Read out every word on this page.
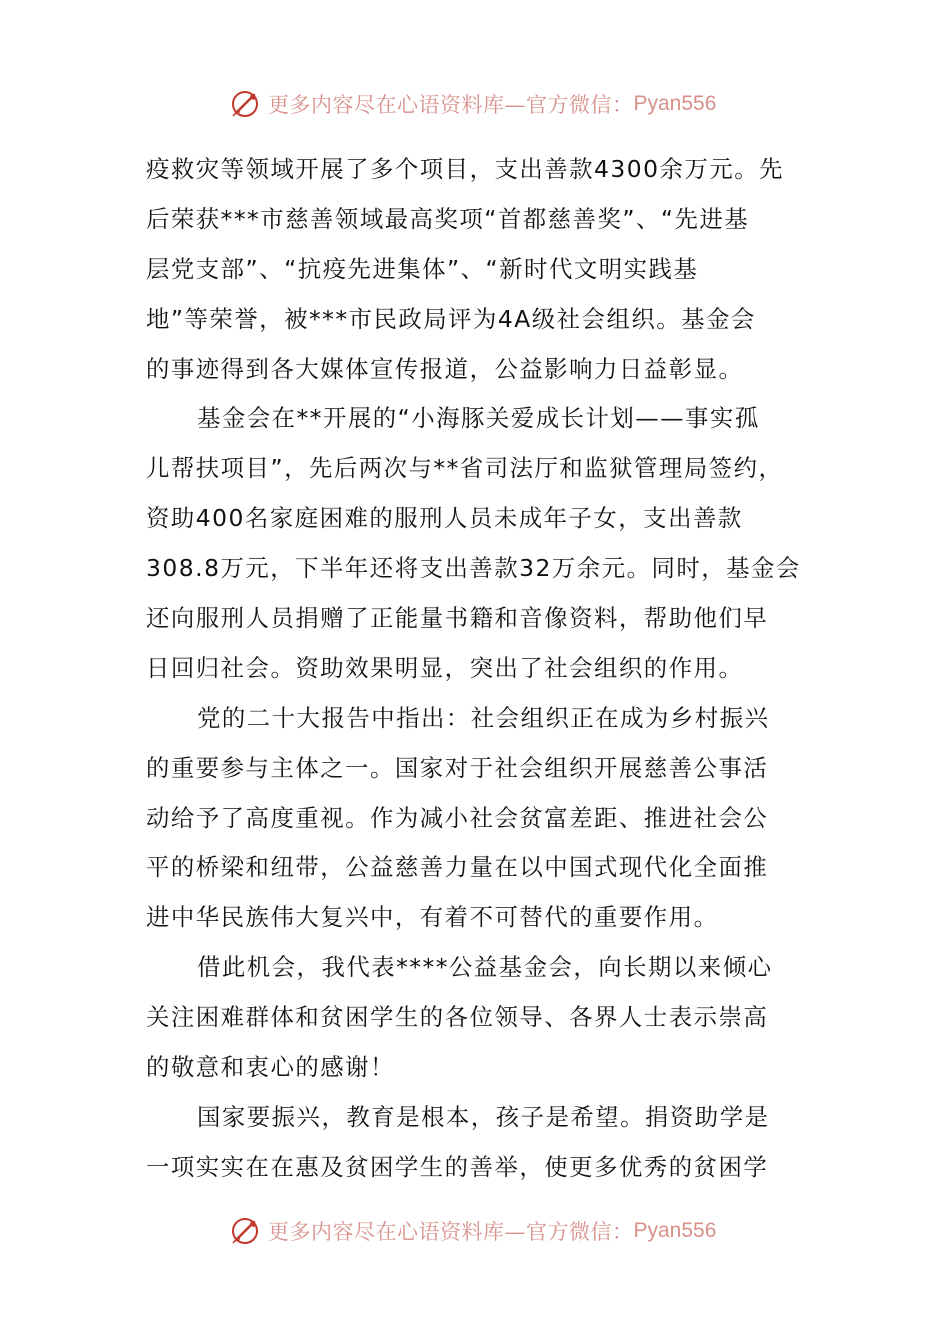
更多内容尽在心语资料库—官方微信： Pyan556
疫救灾等领域开展了多个项目，支出善款4300余万元。先
后荣获***市慈善领域最高奖项“首都慈善奖”、“先进基
层党支部”、“抗疫先进集体”、“新时代文明实践基
地”等荣誉，被***市民政局评为4A级社会组织。基金会
的事迹得到各大媒体宣传报道，公益影响力日益彰显。
基金会在**开展的“小海豚关爱成长计划——事实孤
儿帮扶项目”，先后两次与**省司法厅和监狱管理局签约，
资助400名家庭困难的服刑人员未成年子女，支出善款
308.8万元，下半年还将支出善款32万余元。同时，基金会
还向服刑人员捐赠了正能量书籍和音像资料，帮助他们早
日回归社会。资助效果明显，突出了社会组织的作用。
党的二十大报告中指出：社会组织正在成为乡村振兴
的重要参与主体之一。国家对于社会组织开展慈善公事活
动给予了高度重视。作为减小社会贫富差距、推进社会公
平的桥梁和纽带，公益慈善力量在以中国式现代化全面推
进中华民族伟大复兴中，有着不可替代的重要作用。
借此机会，我代表****公益基金会，向长期以来倾心
关注困难群体和贫困学生的各位领导、各界人士表示崇高
的敬意和衷心的感谢！
国家要振兴，教育是根本，孩子是希望。捐资助学是
一项实实在在惠及贫困学生的善举，使更多优秀的贫困学
更多内容尽在心语资料库—官方微信： Pyan556
